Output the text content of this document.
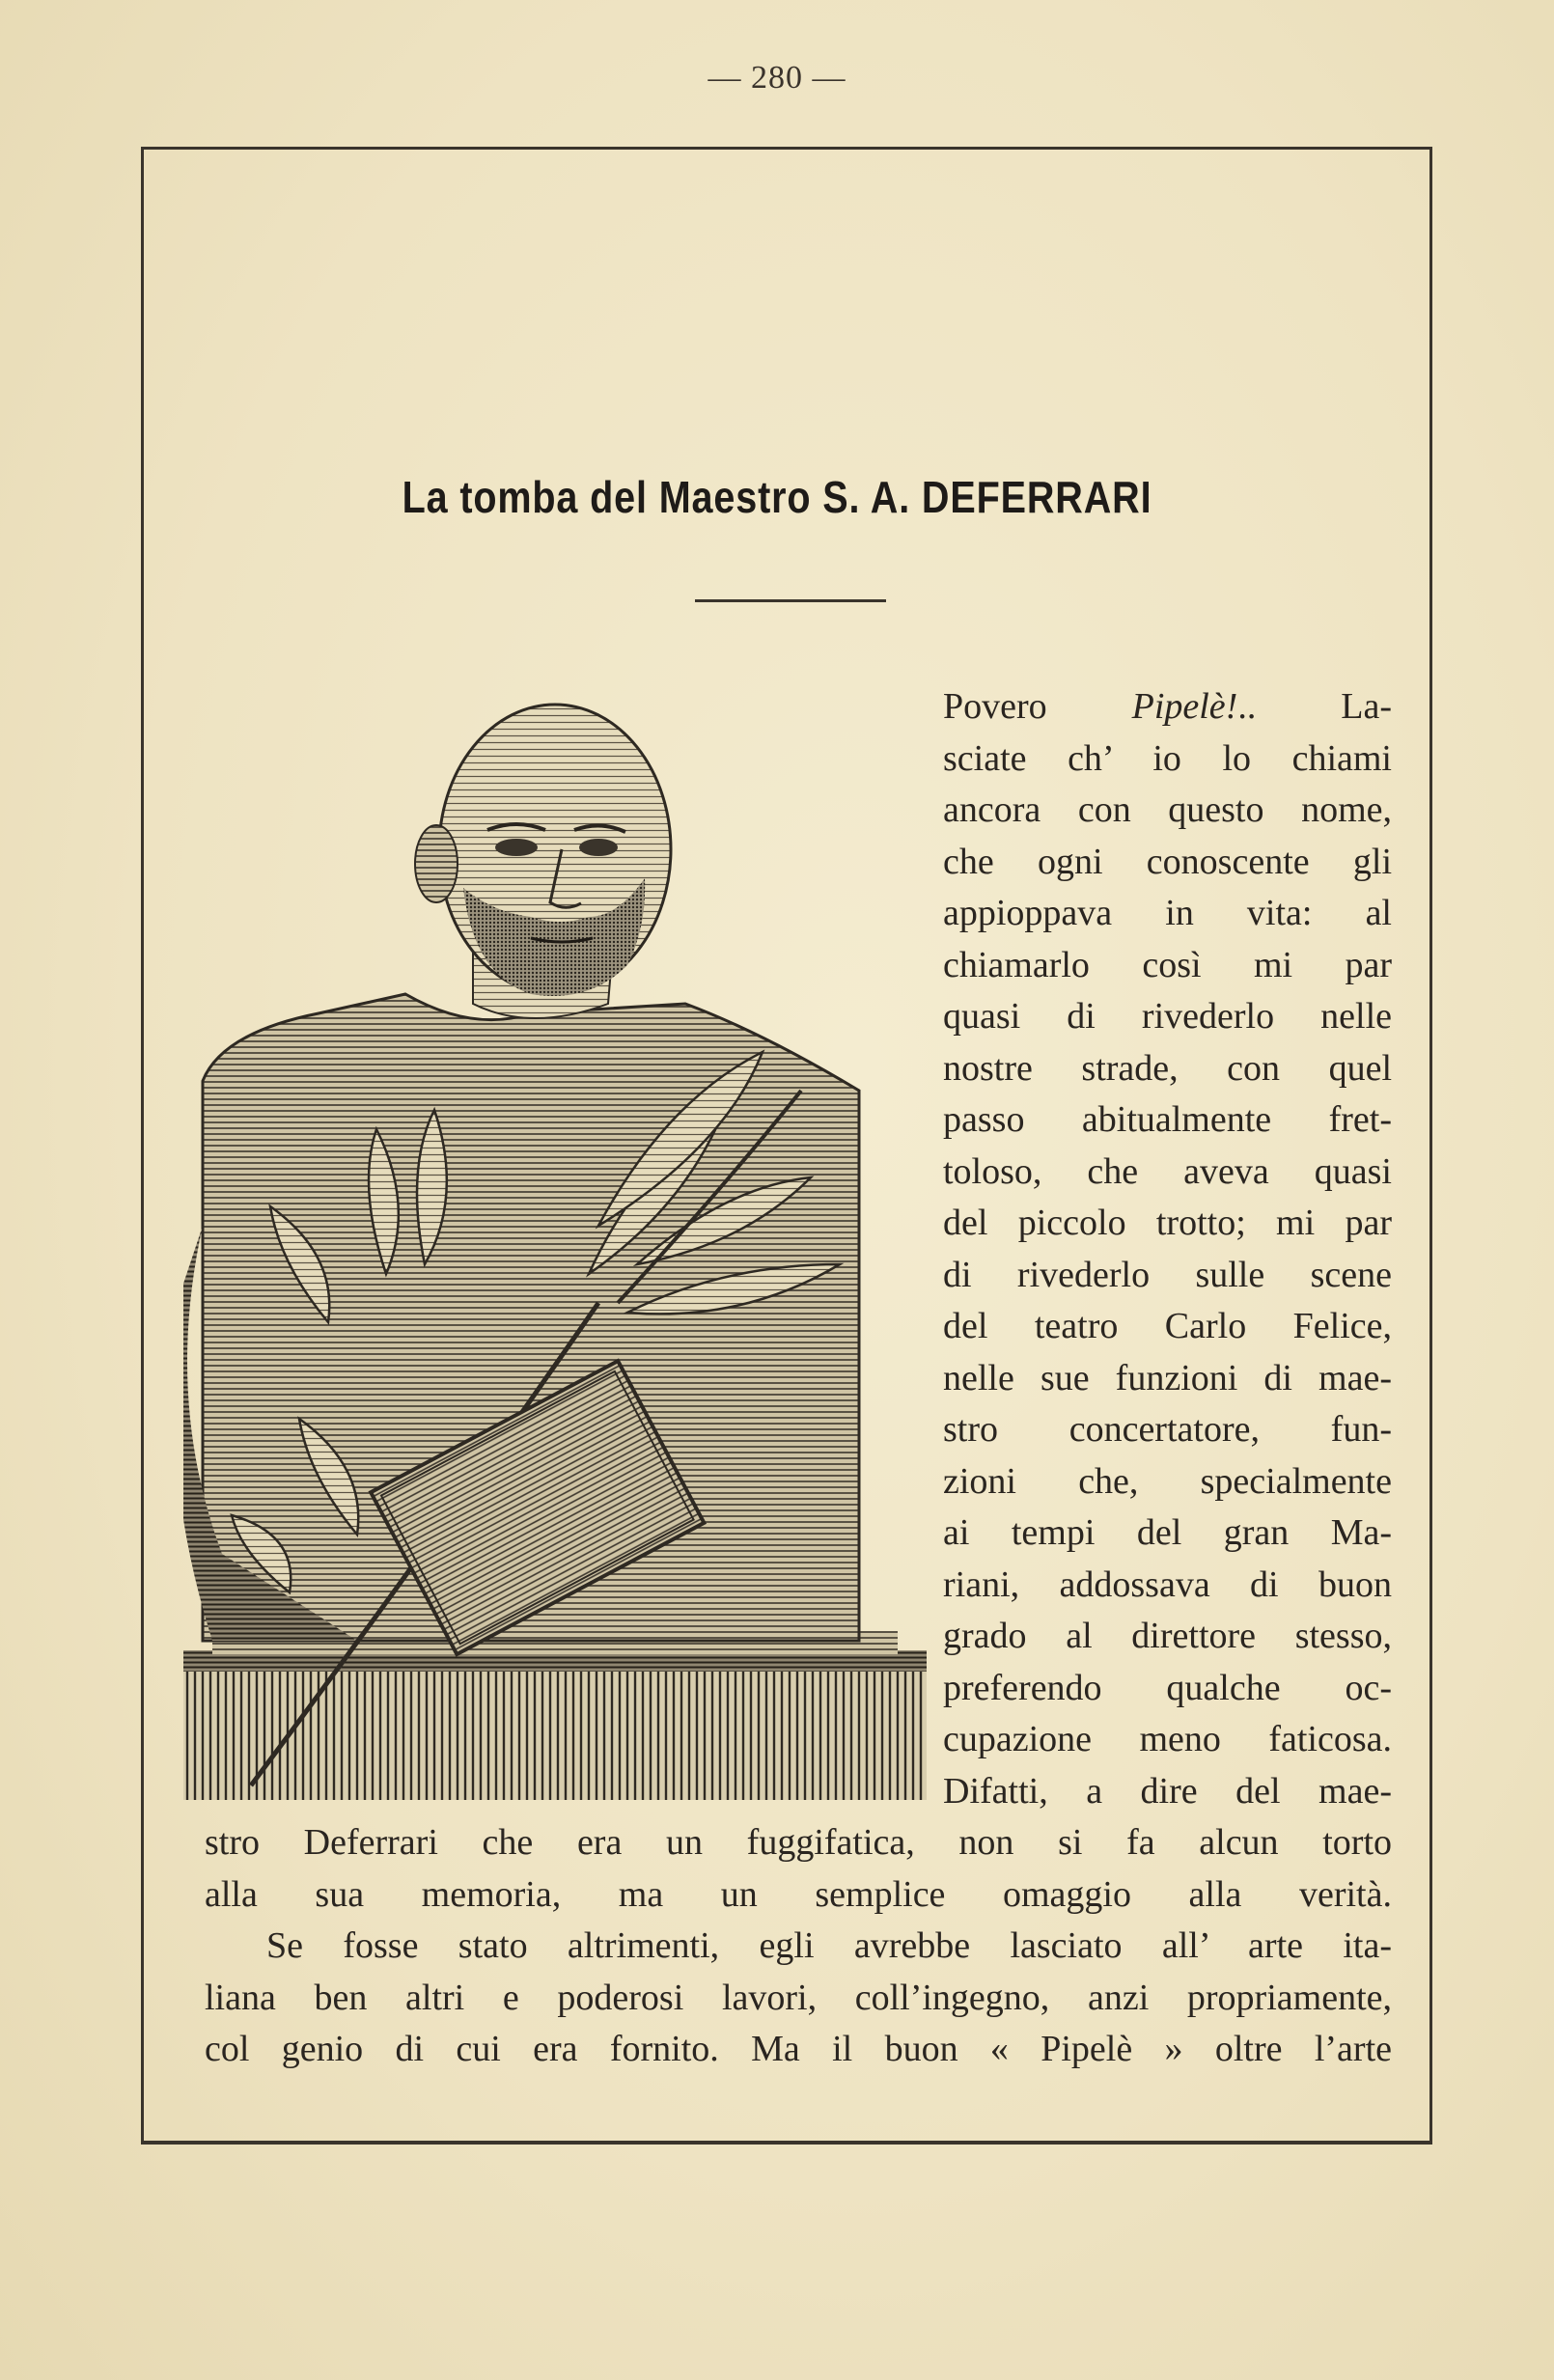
— 280 —
La tomba del Maestro S. A. DEFERRARI
Povero Pipelè!.. La-
sciate ch’ io lo chiami
ancora con questo nome,
che ogni conoscente gli
appioppava in vita: al
chiamarlo così mi par
quasi di rivederlo nelle
nostre strade, con quel
passo abitualmente fret-
toloso, che aveva quasi
del piccolo trotto; mi par
di rivederlo sulle scene
del teatro Carlo Felice,
nelle sue funzioni di mae-
stro concertatore, fun-
zioni che, specialmente
ai tempi del gran Ma-
riani, addossava di buon
grado al direttore stesso,
preferendo qualche oc-
cupazione meno faticosa.
Difatti, a dire del mae-
stro Deferrari che era un fuggifatica, non si fa alcun torto
alla sua memoria, ma un semplice omaggio alla verità.
Se fosse stato altrimenti, egli avrebbe lasciato all’ arte ita-
liana ben altri e poderosi lavori, coll’ingegno, anzi propriamente,
col genio di cui era fornito. Ma il buon « Pipelè » oltre l’arte
